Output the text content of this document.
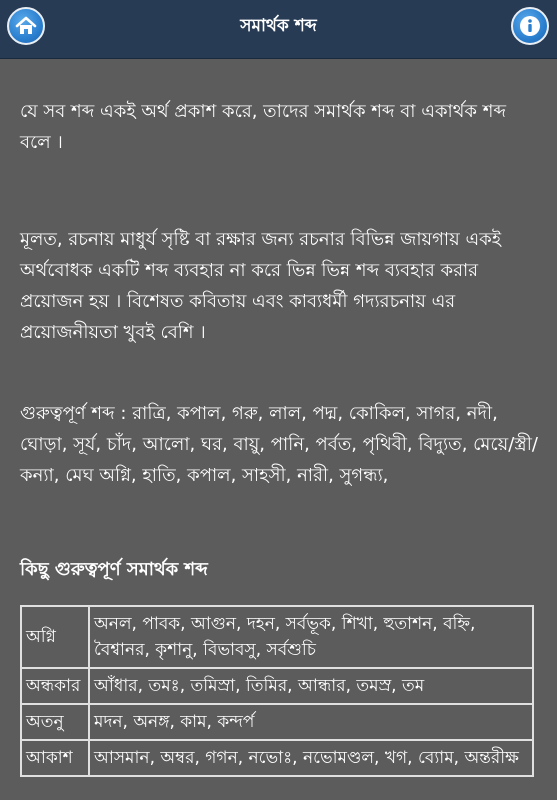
সমার্থক শব্দ
যে সব শব্দ একই অর্থ প্রকাশ করে, তাদের সমার্থক শব্দ বা একার্থক শব্দ বলে ।
মূলত, রচনায় মাধুর্য সৃষ্টি বা রক্ষার জন্য রচনার বিভিন্ন জায়গায় একই অর্থবোধক একটি শব্দ ব্যবহার না করে ভিন্ন ভিন্ন শব্দ ব্যবহার করার প্রয়োজন হয় । বিশেষত কবিতায় এবং কাব্যধর্মী গদ্যরচনায় এর প্রয়োজনীয়তা খুবই বেশি ।
গুরুত্বপূর্ণ শব্দ : রাত্রি, কপাল, গরু, লাল, পদ্ম, কোকিল, সাগর, নদী, ঘোড়া, সূর্য, চাঁদ, আলো, ঘর, বায়ু, পানি, পর্বত, পৃথিবী, বিদ্যুত, মেয়ে/স্ত্রী/কন্যা, মেঘ অগ্নি, হাতি, কপাল, সাহসী, নারী, সুগন্ধ্য,
কিছু গুরুত্বপূর্ণ সমার্থক শব্দ
অগ্নি	অনল, পাবক, আগুন, দহন, সর্বভূক, শিখা, হুতাশন, বহ্নি, বৈশ্বানর, কৃশানু, বিভাবসু, সর্বশুচি
অন্ধকার	আঁধার, তমঃ, তমিস্রা, তিমির, আন্ধার, তমস্র, তম
অতনু	মদন, অনঙ্গ, কাম, কন্দর্প
আকাশ	আসমান, অম্বর, গগন, নভোঃ, নভোমণ্ডল, খগ, ব্যোম, অন্তরীক্ষ
